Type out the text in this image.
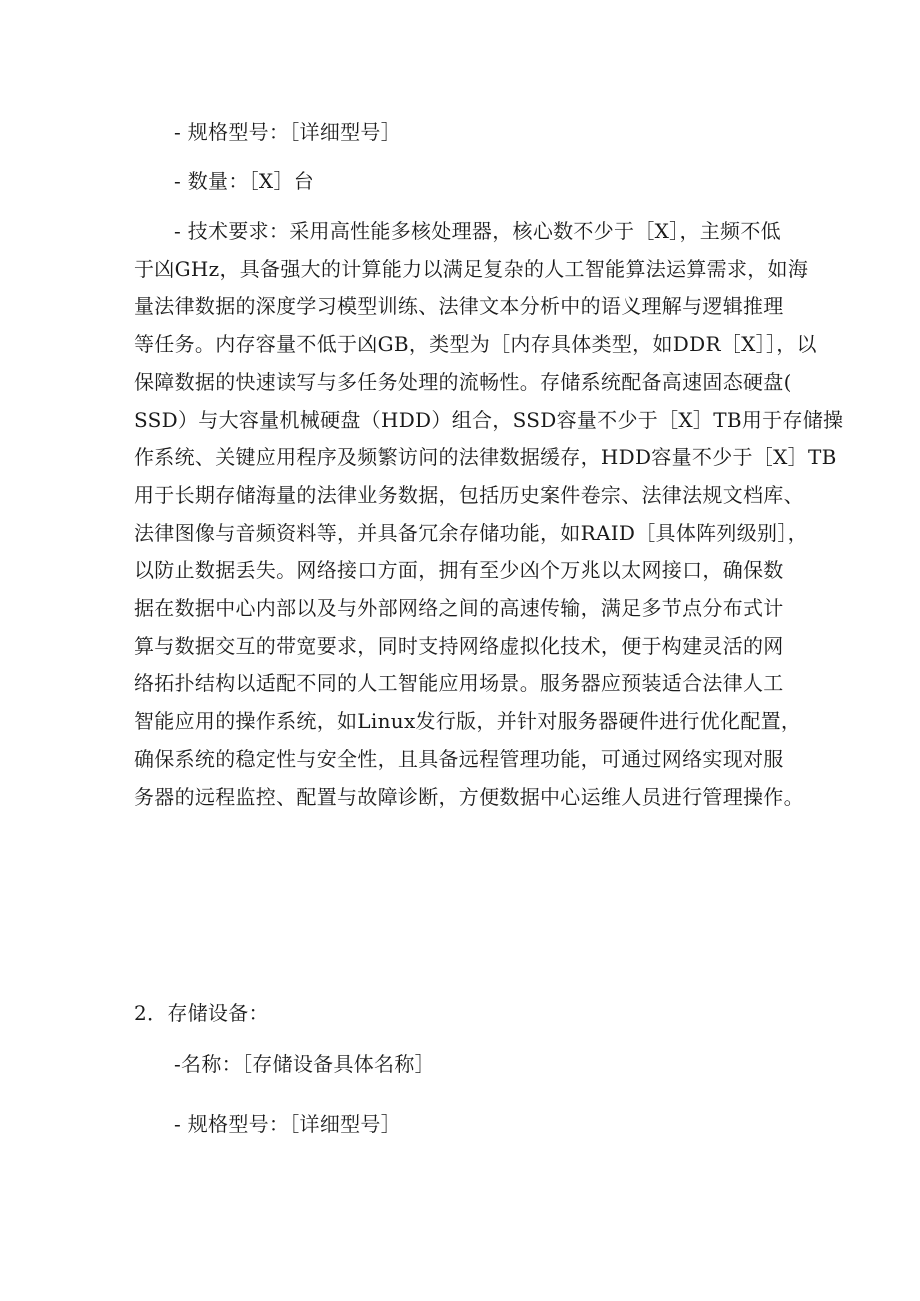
- 规格型号：［详细型号］
- 数量：［X］台
- 技术要求：采用高性能多核处理器，核心数不少于［X］，主频不低
于凶GHz，具备强大的计算能力以满足复杂的人工智能算法运算需求，如海
量法律数据的深度学习模型训练、法律文本分析中的语义理解与逻辑推理
等任务。内存容量不低于凶GB，类型为［内存具体类型，如DDR［X］］，以
保障数据的快速读写与多任务处理的流畅性。存储系统配备高速固态硬盘(
SSD）与大容量机械硬盘（HDD）组合，SSD容量不少于［X］TB用于存储操
作系统、关键应用程序及频繁访问的法律数据缓存，HDD容量不少于［X］TB
用于长期存储海量的法律业务数据，包括历史案件卷宗、法律法规文档库、
法律图像与音频资料等，并具备冗余存储功能，如RAID［具体阵列级别］，
以防止数据丢失。网络接口方面，拥有至少凶个万兆以太网接口，确保数
据在数据中心内部以及与外部网络之间的高速传输，满足多节点分布式计
算与数据交互的带宽要求，同时支持网络虚拟化技术，便于构建灵活的网
络拓扑结构以适配不同的人工智能应用场景。服务器应预装适合法律人工
智能应用的操作系统，如Linux发行版，并针对服务器硬件进行优化配置，
确保系统的稳定性与安全性，且具备远程管理功能，可通过网络实现对服
务器的远程监控、配置与故障诊断，方便数据中心运维人员进行管理操作。
2．存储设备：
-名称：［存储设备具体名称］
- 规格型号：［详细型号］
